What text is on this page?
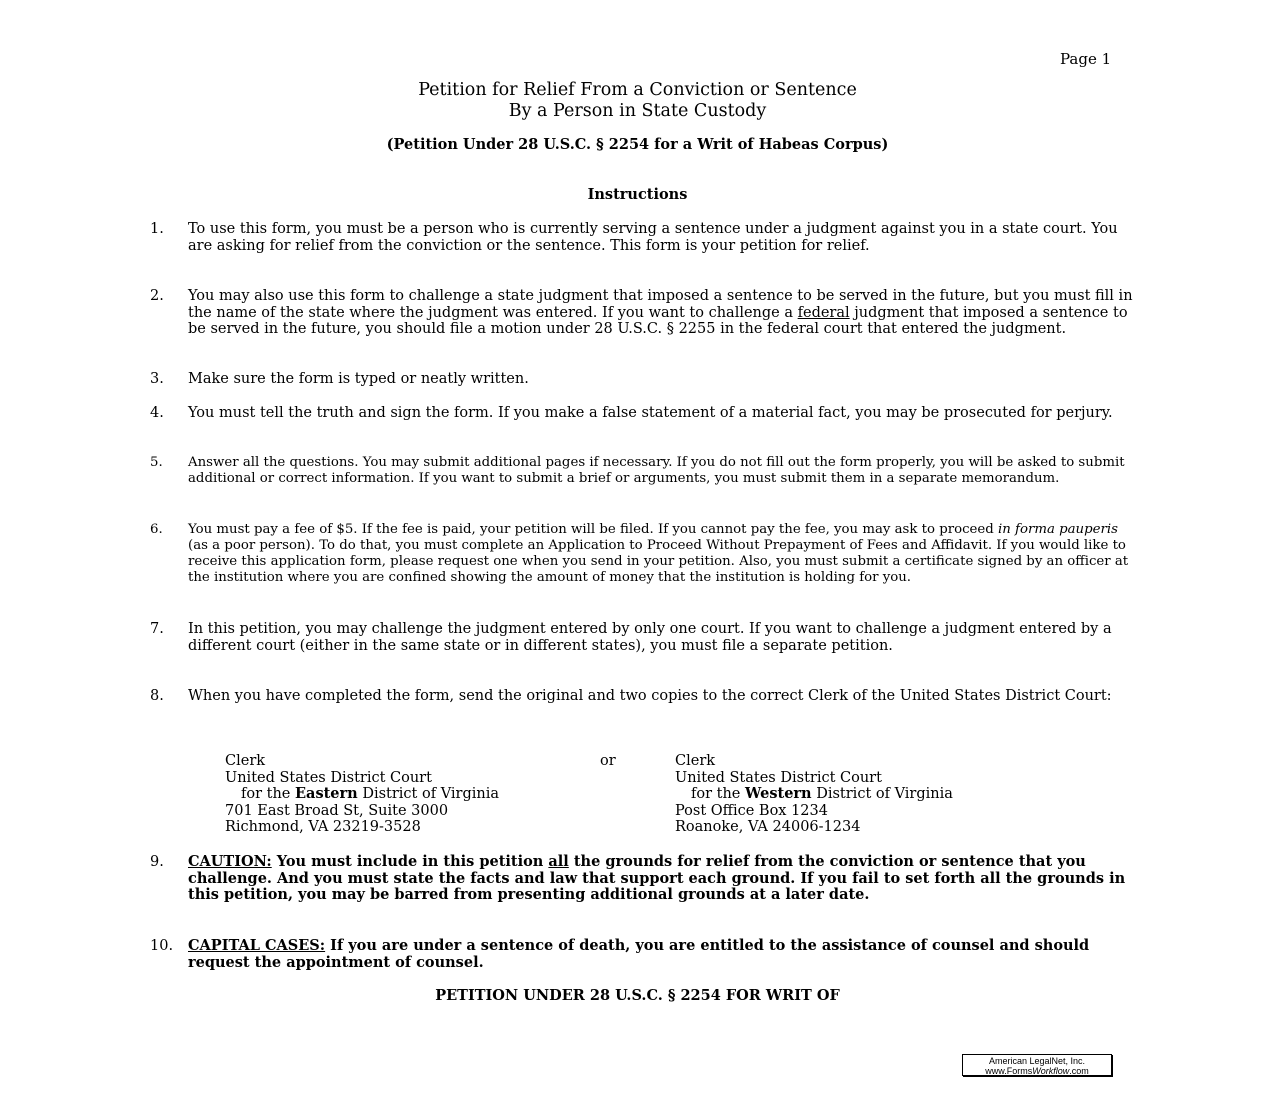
Page 1
Petition for Relief From a Conviction or Sentence
By a Person in State Custody
(Petition Under 28 U.S.C. § 2254 for a Writ of Habeas Corpus)
Instructions
1. To use this form, you must be a person who is currently serving a sentence under a judgment against you in a state court. You are asking for relief from the conviction or the sentence. This form is your petition for relief.
2. You may also use this form to challenge a state judgment that imposed a sentence to be served in the future, but you must fill in the name of the state where the judgment was entered. If you want to challenge a federal judgment that imposed a sentence to be served in the future, you should file a motion under 28 U.S.C. § 2255 in the federal court that entered the judgment.
3. Make sure the form is typed or neatly written.
4. You must tell the truth and sign the form. If you make a false statement of a material fact, you may be prosecuted for perjury.
5. Answer all the questions. You may submit additional pages if necessary. If you do not fill out the form properly, you will be asked to submit additional or correct information. If you want to submit a brief or arguments, you must submit them in a separate memorandum.
6. You must pay a fee of $5. If the fee is paid, your petition will be filed. If you cannot pay the fee, you may ask to proceed in forma pauperis (as a poor person). To do that, you must complete an Application to Proceed Without Prepayment of Fees and Affidavit. If you would like to receive this application form, please request one when you send in your petition. Also, you must submit a certificate signed by an officer at the institution where you are confined showing the amount of money that the institution is holding for you.
7. In this petition, you may challenge the judgment entered by only one court. If you want to challenge a judgment entered by a different court (either in the same state or in different states), you must file a separate petition.
8. When you have completed the form, send the original and two copies to the correct Clerk of the United States District Court:
Clerk
United States District Court
for the Eastern District of Virginia
701 East Broad St, Suite 3000
Richmond, VA 23219-3528
or	Clerk
United States District Court
for the Western District of Virginia
Post Office Box 1234
Roanoke, VA 24006-1234
9. CAUTION: You must include in this petition all the grounds for relief from the conviction or sentence that you challenge. And you must state the facts and law that support each ground. If you fail to set forth all the grounds in this petition, you may be barred from presenting additional grounds at a later date.
10. CAPITAL CASES: If you are under a sentence of death, you are entitled to the assistance of counsel and should request the appointment of counsel.
PETITION UNDER 28 U.S.C. § 2254 FOR WRIT OF
American LegalNet, Inc.
www.FormsWorkflow.com
